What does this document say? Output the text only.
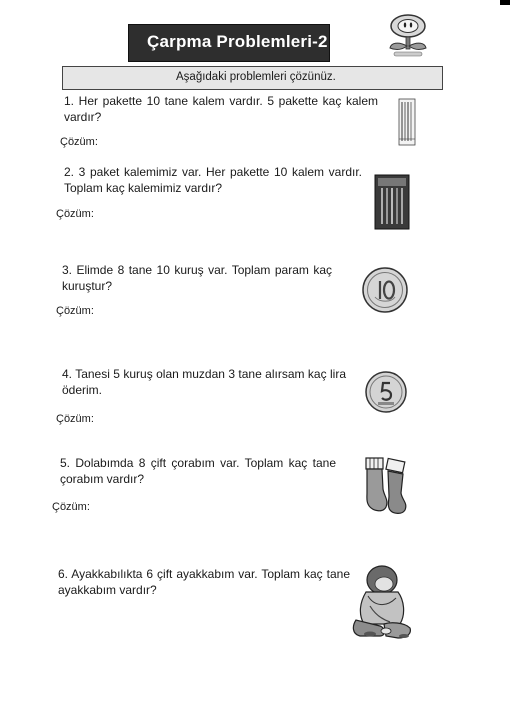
Çarpma Problemleri-2
Aşağıdaki problemleri çözünüz.
1. Her pakette 10 tane kalem vardır. 5 pakette kaç kalem vardır?
Çözüm:
2. 3 paket kalemimiz var. Her pakette 10 kalem vardır. Toplam kaç kalemimiz vardır?
Çözüm:
3. Elimde 8 tane 10 kuruş var. Toplam param kaç kuruştur?
Çözüm:
4. Tanesi 5 kuruş olan muzdan 3 tane alırsam kaç lira öderim.
Çözüm:
5. Dolabımda 8 çift çorabım var. Toplam kaç tane çorabım vardır?
Çözüm:
6. Ayakkabılıkta 6 çift ayakkabım var. Toplam kaç tane ayakkabım vardır?
